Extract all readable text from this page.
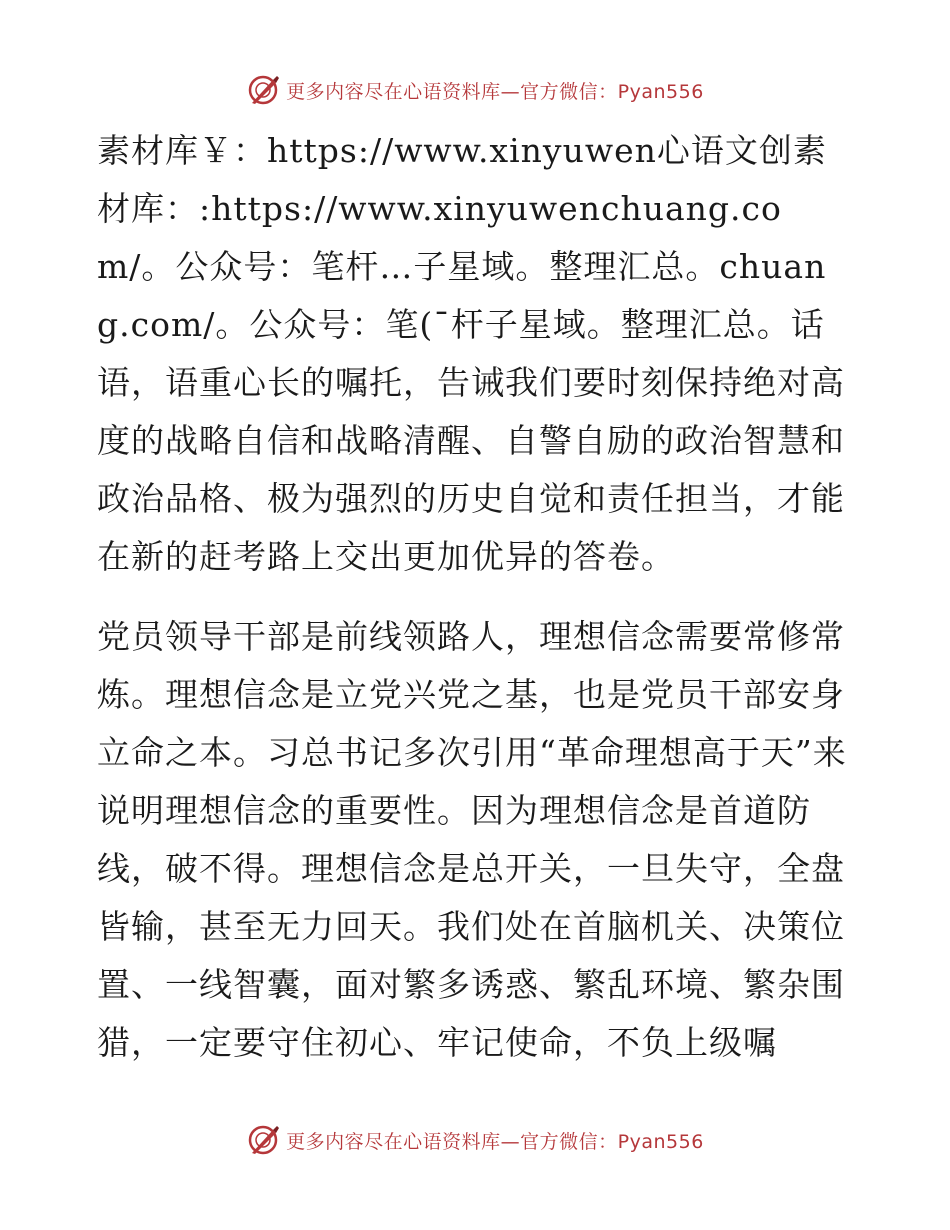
更多内容尽在心语资料库—官方微信：Pyan556

素材库￥：https://www.xinyuwen心语文创素材库：:https://www.xinyuwenchuang.com/。公众号：笔杆…子星域。整理汇总。chuang.com/。公众号：笔(¯杆子星域。整理汇总。话语，语重心长的嘱托，告诫我们要时刻保持绝对高度的战略自信和战略清醒、自警自励的政治智慧和政治品格、极为强烈的历史自觉和责任担当，才能在新的赶考路上交出更加优异的答卷。

党员领导干部是前线领路人，理想信念需要常修常炼。理想信念是立党兴党之基，也是党员干部安身立命之本。习总书记多次引用“革命理想高于天”来说明理想信念的重要性。因为理想信念是首道防线，破不得。理想信念是总开关，一旦失守，全盘皆输，甚至无力回天。我们处在首脑机关、决策位置、一线智囊，面对繁多诱惑、繁乱环境、繁杂围猎，一定要守住初心、牢记使命，不负上级嘱

更多内容尽在心语资料库—官方微信：Pyan556
